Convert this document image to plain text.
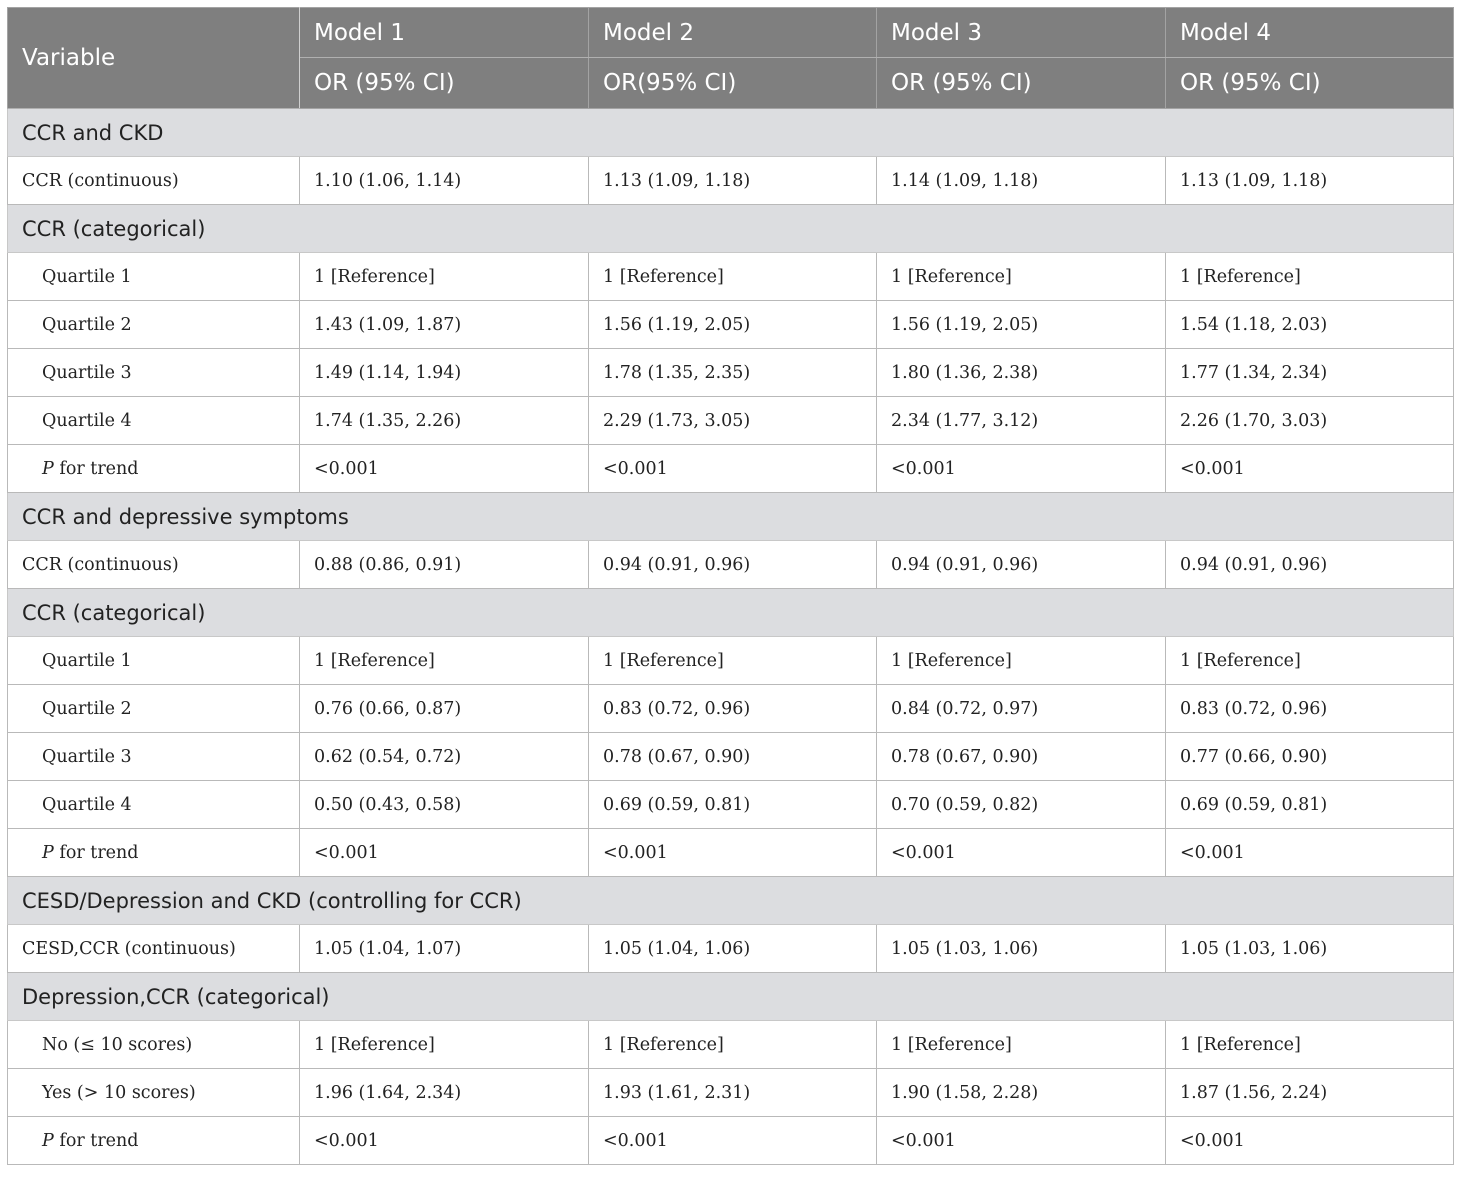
Variable	Model 1	Model 2	Model 3	Model 4
	OR (95% CI)	OR(95% CI)	OR (95% CI)	OR (95% CI)
CCR and CKD				
CCR (continuous)	1.10 (1.06, 1.14)	1.13 (1.09, 1.18)	1.14 (1.09, 1.18)	1.13 (1.09, 1.18)
CCR (categorical)				
Quartile 1	1 [Reference]	1 [Reference]	1 [Reference]	1 [Reference]
Quartile 2	1.43 (1.09, 1.87)	1.56 (1.19, 2.05)	1.56 (1.19, 2.05)	1.54 (1.18, 2.03)
Quartile 3	1.49 (1.14, 1.94)	1.78 (1.35, 2.35)	1.80 (1.36, 2.38)	1.77 (1.34, 2.34)
Quartile 4	1.74 (1.35, 2.26)	2.29 (1.73, 3.05)	2.34 (1.77, 3.12)	2.26 (1.70, 3.03)
P for trend	<0.001	<0.001	<0.001	<0.001
CCR and depressive symptoms				
CCR (continuous)	0.88 (0.86, 0.91)	0.94 (0.91, 0.96)	0.94 (0.91, 0.96)	0.94 (0.91, 0.96)
CCR (categorical)				
Quartile 1	1 [Reference]	1 [Reference]	1 [Reference]	1 [Reference]
Quartile 2	0.76 (0.66, 0.87)	0.83 (0.72, 0.96)	0.84 (0.72, 0.97)	0.83 (0.72, 0.96)
Quartile 3	0.62 (0.54, 0.72)	0.78 (0.67, 0.90)	0.78 (0.67, 0.90)	0.77 (0.66, 0.90)
Quartile 4	0.50 (0.43, 0.58)	0.69 (0.59, 0.81)	0.70 (0.59, 0.82)	0.69 (0.59, 0.81)
P for trend	<0.001	<0.001	<0.001	<0.001
CESD/Depression and CKD (controlling for CCR)				
CESD,CCR (continuous)	1.05 (1.04, 1.07)	1.05 (1.04, 1.06)	1.05 (1.03, 1.06)	1.05 (1.03, 1.06)
Depression,CCR (categorical)				
No (≤ 10 scores)	1 [Reference]	1 [Reference]	1 [Reference]	1 [Reference]
Yes (> 10 scores)	1.96 (1.64, 2.34)	1.93 (1.61, 2.31)	1.90 (1.58, 2.28)	1.87 (1.56, 2.24)
P for trend	<0.001	<0.001	<0.001	<0.001
